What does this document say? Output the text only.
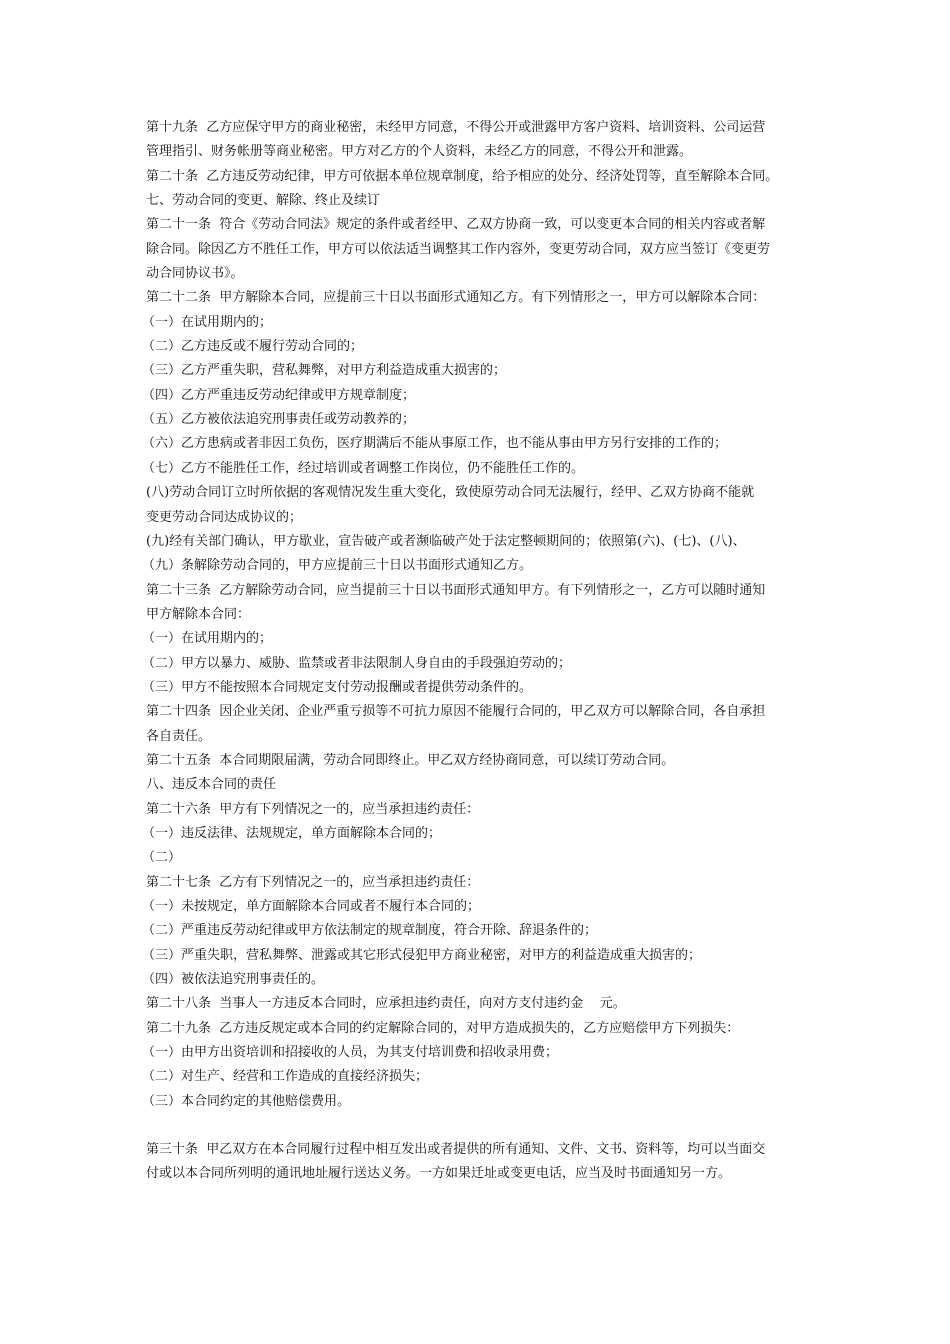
第十九条  乙方应保守甲方的商业秘密，未经甲方同意，不得公开或泄露甲方客户资料、培训资料、公司运营

管理指引、财务帐册等商业秘密。甲方对乙方的个人资料，未经乙方的同意，不得公开和泄露。

第二十条  乙方违反劳动纪律，甲方可依据本单位规章制度，给予相应的处分、经济处罚等，直至解除本合同。

七、劳动合同的变更、解除、终止及续订

第二十一条  符合《劳动合同法》规定的条件或者经甲、乙双方协商一致，可以变更本合同的相关内容或者解

除合同。除因乙方不胜任工作，甲方可以依法适当调整其工作内容外，变更劳动合同，双方应当签订《变更劳

动合同协议书》。

第二十二条  甲方解除本合同，应提前三十日以书面形式通知乙方。有下列情形之一，甲方可以解除本合同：

（一）在试用期内的；

（二）乙方违反或不履行劳动合同的；

（三）乙方严重失职，营私舞弊，对甲方利益造成重大损害的；

（四）乙方严重违反劳动纪律或甲方规章制度；

（五）乙方被依法追究刑事责任或劳动教养的；

（六）乙方患病或者非因工负伤，医疗期满后不能从事原工作，也不能从事由甲方另行安排的工作的；

（七）乙方不能胜任工作，经过培训或者调整工作岗位，仍不能胜任工作的。

(八)劳动合同订立时所依据的客观情况发生重大变化，致使原劳动合同无法履行，经甲、乙双方协商不能就

变更劳动合同达成协议的；

(九)经有关部门确认，甲方歇业，宣告破产或者濒临破产处于法定整顿期间的；依照第(六)、(七)、(八)、

（九）条解除劳动合同的，甲方应提前三十日以书面形式通知乙方。

第二十三条  乙方解除劳动合同，应当提前三十日以书面形式通知甲方。有下列情形之一，乙方可以随时通知

甲方解除本合同：

（一）在试用期内的；

（二）甲方以暴力、威胁、监禁或者非法限制人身自由的手段强迫劳动的；

（三）甲方不能按照本合同规定支付劳动报酬或者提供劳动条件的。

第二十四条  因企业关闭、企业严重亏损等不可抗力原因不能履行合同的，甲乙双方可以解除合同，各自承担

各自责任。

第二十五条  本合同期限届满，劳动合同即终止。甲乙双方经协商同意，可以续订劳动合同。

八、违反本合同的责任

第二十六条  甲方有下列情况之一的，应当承担违约责任：

（一）违反法律、法规规定，单方面解除本合同的；

（二）

第二十七条  乙方有下列情况之一的，应当承担违约责任：

（一）未按规定，单方面解除本合同或者不履行本合同的；

（二）严重违反劳动纪律或甲方依法制定的规章制度，符合开除、辞退条件的；

（三）严重失职，营私舞弊、泄露或其它形式侵犯甲方商业秘密，对甲方的利益造成重大损害的；

（四）被依法追究刑事责任的。

第二十八条  当事人一方违反本合同时，应承担违约责任，向对方支付违约金    元。

第二十九条  乙方违反规定或本合同的约定解除合同的，对甲方造成损失的，乙方应赔偿甲方下列损失：

（一）由甲方出资培训和招接收的人员，为其支付培训费和招收录用费；

（二）对生产、经营和工作造成的直接经济损失；

（三）本合同约定的其他赔偿费用。

第三十条  甲乙双方在本合同履行过程中相互发出或者提供的所有通知、文件、文书、资料等，均可以当面交

付或以本合同所列明的通讯地址履行送达义务。一方如果迁址或变更电话，应当及时书面通知另一方。
